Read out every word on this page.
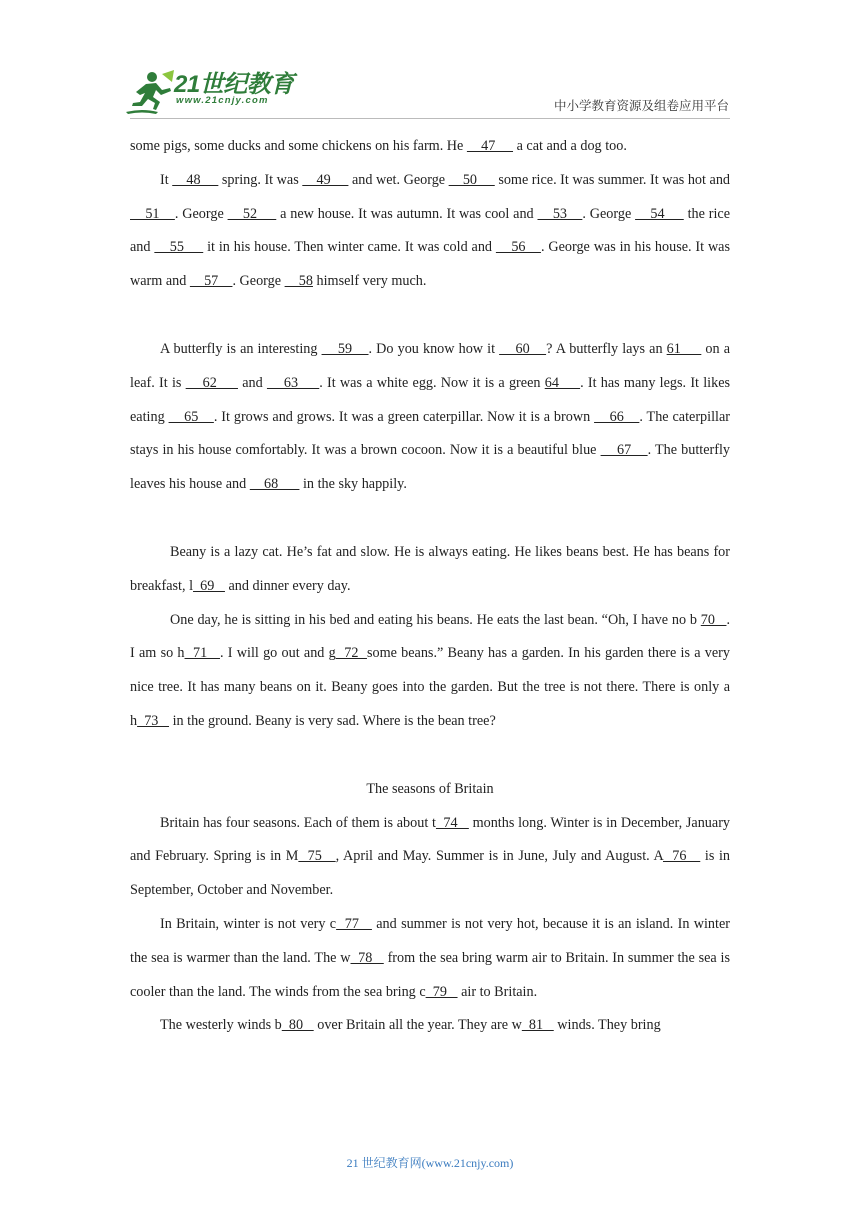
21世纪教育
www.21cnjy.com	中小学教育资源及组卷应用平台

some pigs, some ducks and some chickens on his farm. He     47      a cat and a dog too.

It     48      spring. It was     49      and wet. George     50      some rice. It was summer. It was hot and     51    . George     52      a new house. It was autumn. It was cool and     53    . George     54      the rice and     55      it in his house. Then winter came. It was cold and     56    . George was in his house. It was warm and     57    . George     58 himself very much.

A butterfly is an interesting     59    . Do you know how it     60    ? A butterfly lays an 61      on a leaf. It is     62      and     63     . It was a white egg. Now it is a green 64     . It has many legs. It likes eating     65    . It grows and grows. It was a green caterpillar. Now it is a brown     66    . The caterpillar stays in his house comfortably. It was a brown cocoon. Now it is a beautiful blue     67    . The butterfly leaves his house and     68       in the sky happily.

Beany is a lazy cat. He’s fat and slow. He is always eating. He likes beans best. He has beans for breakfast, l  69    and dinner every day.

One day, he is sitting in his bed and eating his beans. He eats the last bean. “Oh, I have no b 70   . I am so h  71   . I will go out and g  72  some beans.” Beany has a garden. In his garden there is a very nice tree. It has many beans on it. Beany goes into the garden. But the tree is not there. There is only a h  73    in the ground. Beany is very sad. Where is the bean tree?

The seasons of Britain

Britain has four seasons. Each of them is about t  74    months long. Winter is in December, January and February. Spring is in M  75   , April and May. Summer is in June, July and August. A  76    is in September, October and November.

In Britain, winter is not very c  77    and summer is not very hot, because it is an island. In winter the sea is warmer than the land. The w  78    from the sea bring warm air to Britain. In summer the sea is cooler than the land. The winds from the sea bring c  79    air to Britain.

The westerly winds b  80    over Britain all the year. They are w  81    winds. They bring

21 世纪教育网(www.21cnjy.com)
